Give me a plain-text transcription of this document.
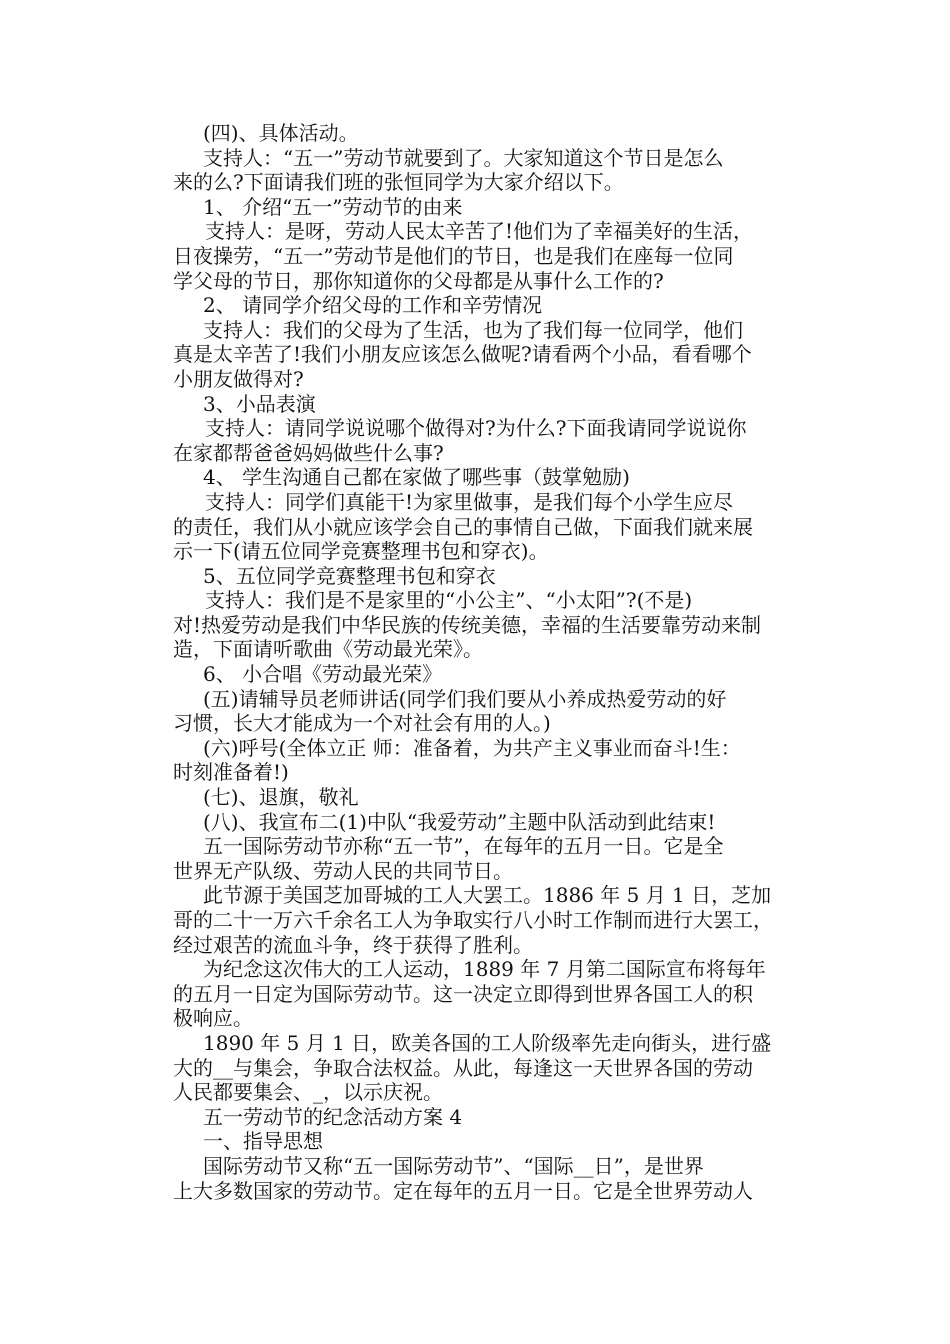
(四)、具体活动。
支持人：“五一”劳动节就要到了。大家知道这个节日是怎么
来的么?下面请我们班的张恒同学为大家介绍以下。
1、 介绍“五一”劳动节的由来
支持人：是呀，劳动人民太辛苦了!他们为了幸福美好的生活，
日夜操劳，“五一”劳动节是他们的节日，也是我们在座每一位同
学父母的节日，那你知道你的父母都是从事什么工作的?
2、 请同学介绍父母的工作和辛劳情况
支持人：我们的父母为了生活，也为了我们每一位同学，他们
真是太辛苦了!我们小朋友应该怎么做呢?请看两个小品，看看哪个
小朋友做得对?
3、小品表演
支持人：请同学说说哪个做得对?为什么?下面我请同学说说你
在家都帮爸爸妈妈做些什么事?
4、 学生沟通自己都在家做了哪些事（鼓掌勉励)
支持人：同学们真能干!为家里做事，是我们每个小学生应尽
的责任，我们从小就应该学会自己的事情自己做，下面我们就来展
示一下(请五位同学竞赛整理书包和穿衣)。
5、五位同学竞赛整理书包和穿衣
支持人：我们是不是家里的“小公主”、“小太阳”?(不是)
对!热爱劳动是我们中华民族的传统美德，幸福的生活要靠劳动来制
造，下面请听歌曲《劳动最光荣》。
6、 小合唱《劳动最光荣》
(五)请辅导员老师讲话(同学们我们要从小养成热爱劳动的好
习惯，长大才能成为一个对社会有用的人。)
(六)呼号(全体立正 师：准备着，为共产主义事业而奋斗!生：
时刻准备着!)
(七)、退旗，敬礼
(八)、我宣布二(1)中队“我爱劳动”主题中队活动到此结束!
五一国际劳动节亦称“五一节”，在每年的五月一日。它是全
世界无产队级、劳动人民的共同节日。
此节源于美国芝加哥城的工人大罢工。1886 年 5 月 1 日，芝加
哥的二十一万六千余名工人为争取实行八小时工作制而进行大罢工，
经过艰苦的流血斗争，终于获得了胜利。
为纪念这次伟大的工人运动，1889 年 7 月第二国际宣布将每年
的五月一日定为国际劳动节。这一决定立即得到世界各国工人的积
极响应。
1890 年 5 月 1 日，欧美各国的工人阶级率先走向街头，进行盛
大的__与集会，争取合法权益。从此，每逢这一天世界各国的劳动
人民都要集会、_，以示庆祝。
五一劳动节的纪念活动方案 4
一、指导思想
国际劳动节又称“五一国际劳动节”、“国际__日”，是世界
上大多数国家的劳动节。定在每年的五月一日。它是全世界劳动人
